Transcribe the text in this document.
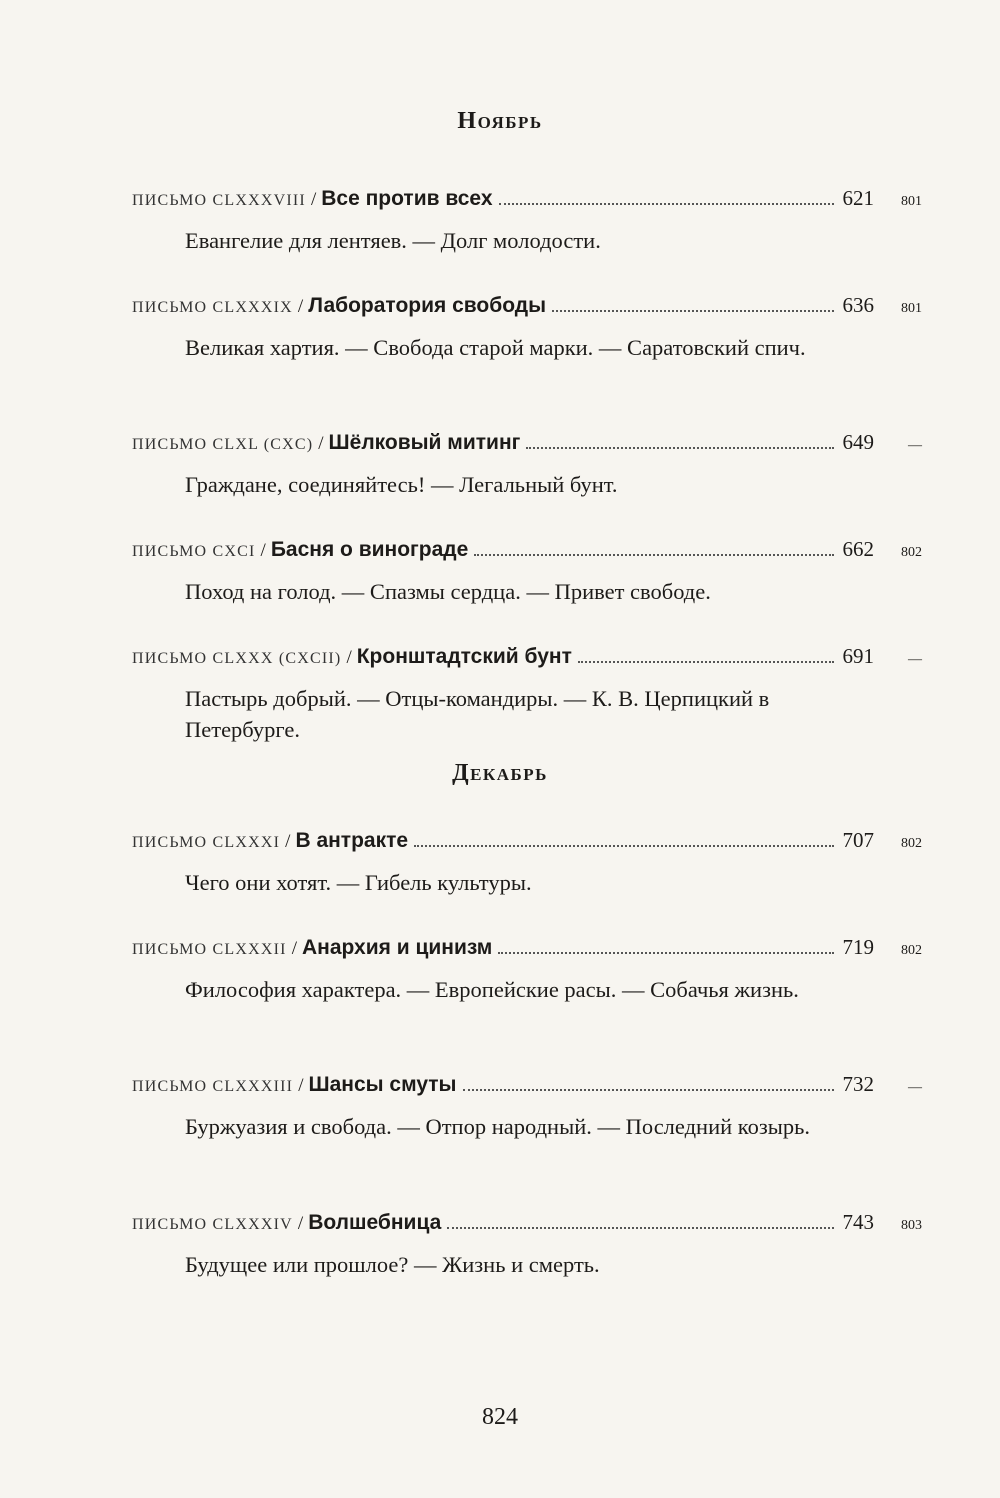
Ноябрь
ПИСЬМО CLXXXVIII / Все против всех	621	801
Евангелие для лентяев. — Долг молодости.
ПИСЬМО CLXXXIX / Лаборатория свободы	636	801
Великая хартия. — Свобода старой марки. — Саратовский спич.
ПИСЬМО CLXL (CXC) / Шёлковый митинг	649	—
Граждане, соединяйтесь! — Легальный бунт.
ПИСЬМО CXCI / Басня о винограде	662	802
Поход на голод. — Спазмы сердца. — Привет свободе.
ПИСЬМО CLXXX (CXCII) / Кронштадтский бунт	691	—
Пастырь добрый. — Отцы-командиры. — К. В. Церпицкий в Петербурге.
Декабрь
ПИСЬМО CLXXXI / В антракте	707	802
Чего они хотят. — Гибель культуры.
ПИСЬМО CLXXXII / Анархия и цинизм	719	802
Философия характера. — Европейские расы. — Собачья жизнь.
ПИСЬМО CLXXXIII / Шансы смуты	732	—
Буржуазия и свобода. — Отпор народный. — Последний козырь.
ПИСЬМО CLXXXIV / Волшебница	743	803
Будущее или прошлое? — Жизнь и смерть.
824
